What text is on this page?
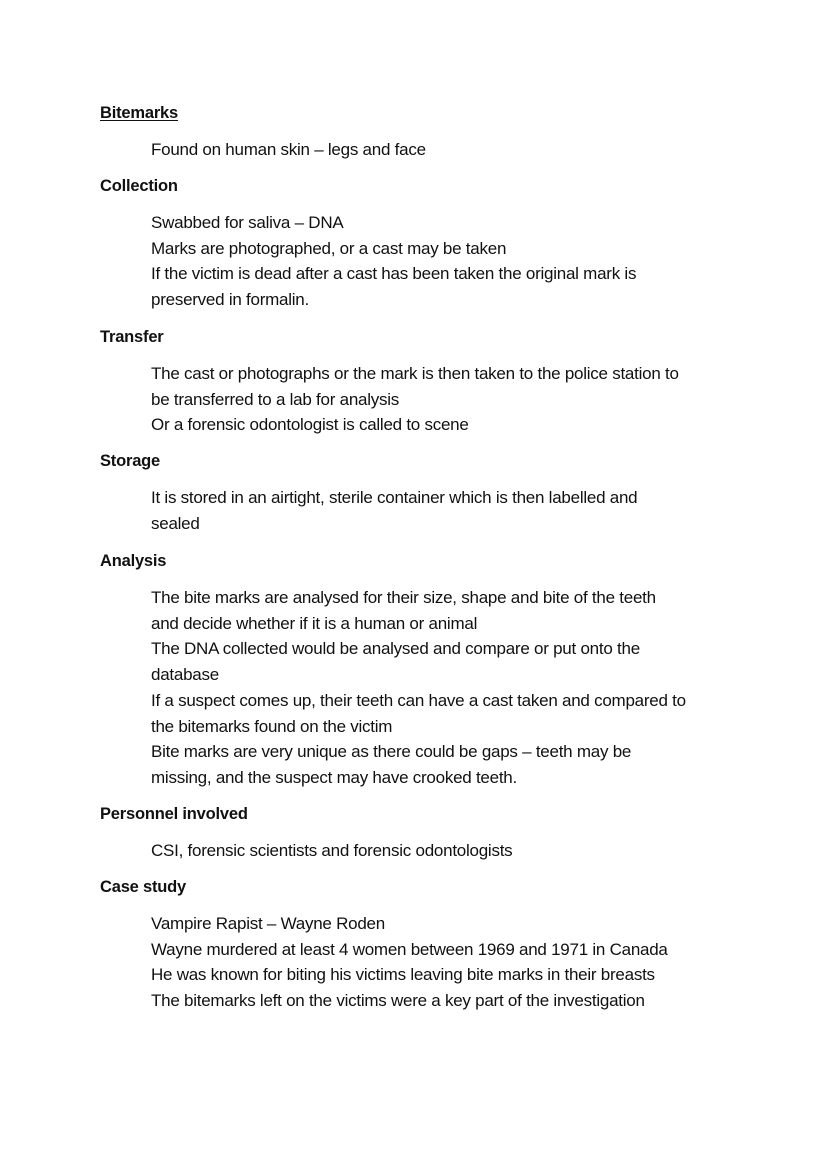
Bitemarks
Found on human skin – legs and face
Collection
Swabbed for saliva – DNA
Marks are photographed, or a cast may be taken
If the victim is dead after a cast has been taken the original mark is
preserved in formalin.
Transfer
The cast or photographs or the mark is then taken to the police station to
be transferred to a lab for analysis
Or a forensic odontologist is called to scene
Storage
It is stored in an airtight, sterile container which is then labelled and
sealed
Analysis
The bite marks are analysed for their size, shape and bite of the teeth
and decide whether if it is a human or animal
The DNA collected would be analysed and compare or put onto the
database
If a suspect comes up, their teeth can have a cast taken and compared to
the bitemarks found on the victim
Bite marks are very unique as there could be gaps – teeth may be
missing, and the suspect may have crooked teeth.
Personnel involved
CSI, forensic scientists and forensic odontologists
Case study
Vampire Rapist – Wayne Roden
Wayne murdered at least 4 women between 1969 and 1971 in Canada
He was known for biting his victims leaving bite marks in their breasts
The bitemarks left on the victims were a key part of the investigation
